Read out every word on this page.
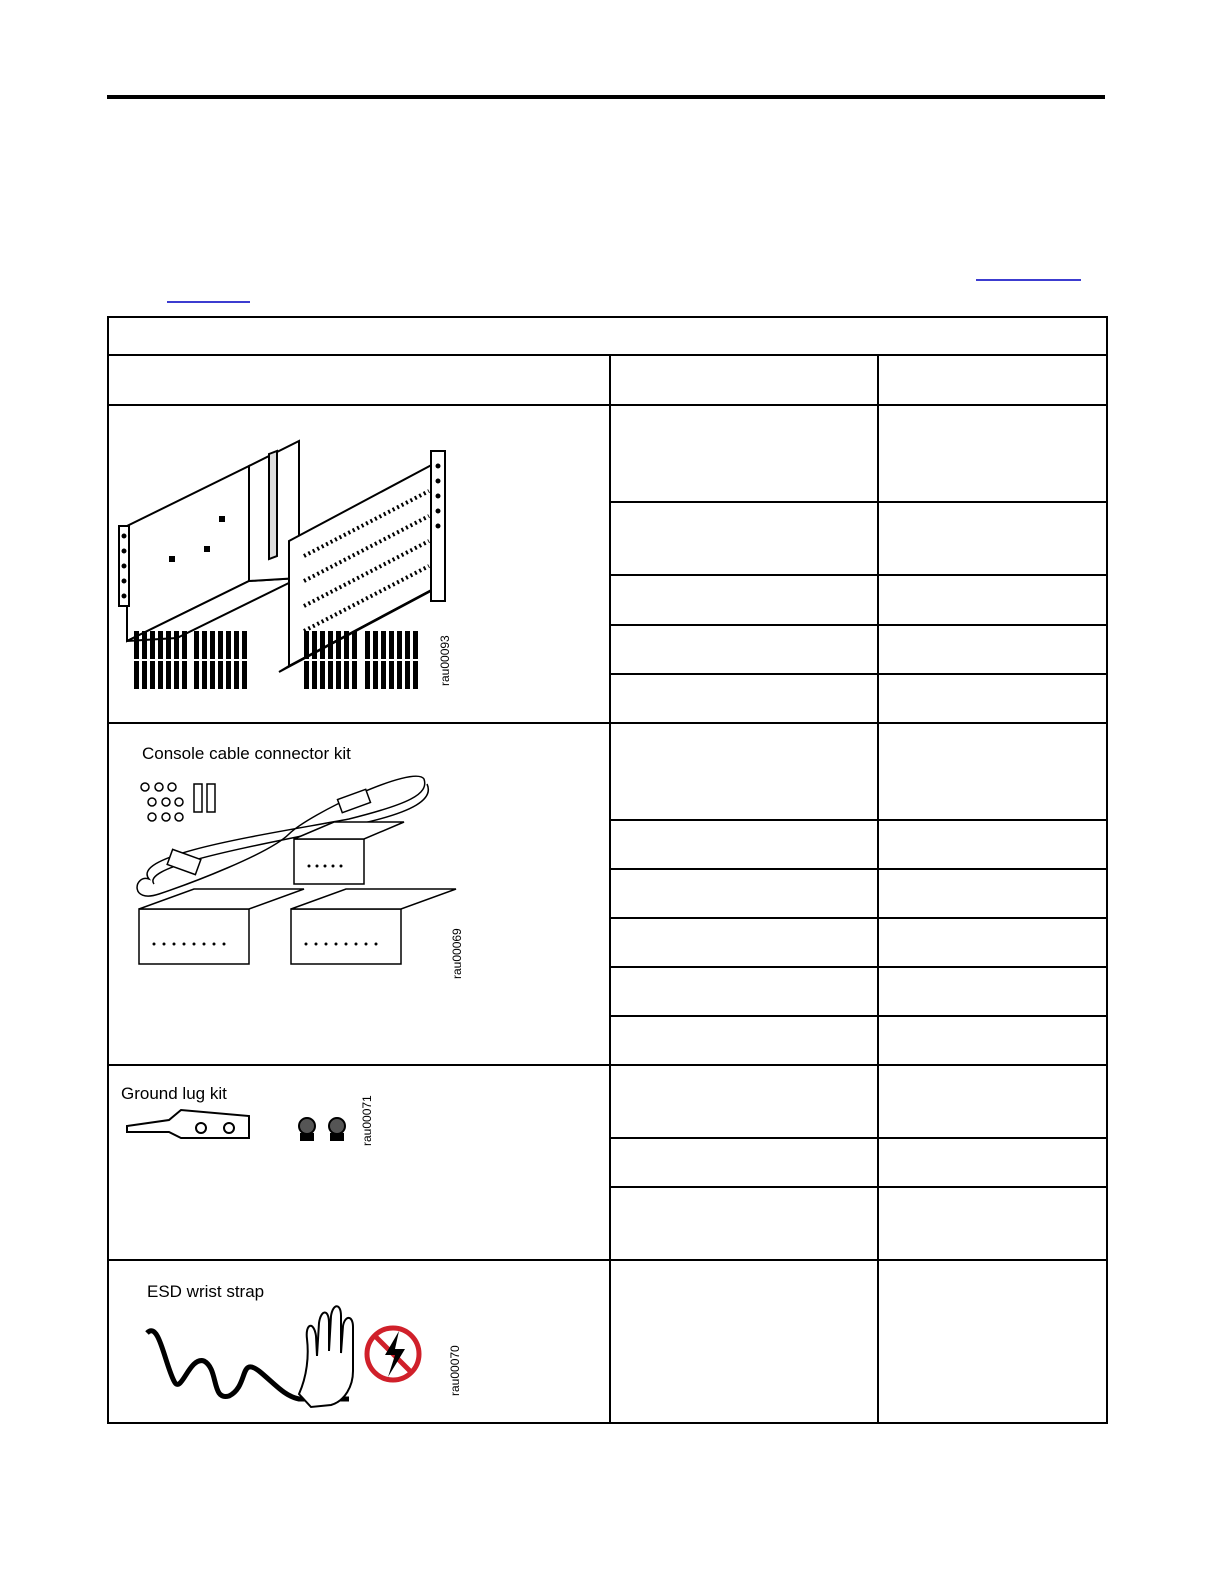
rau00093		

Console cable connector kit
rau00069		

Ground lug kit
rau00071		

ESD wrist strap
rau00070		
